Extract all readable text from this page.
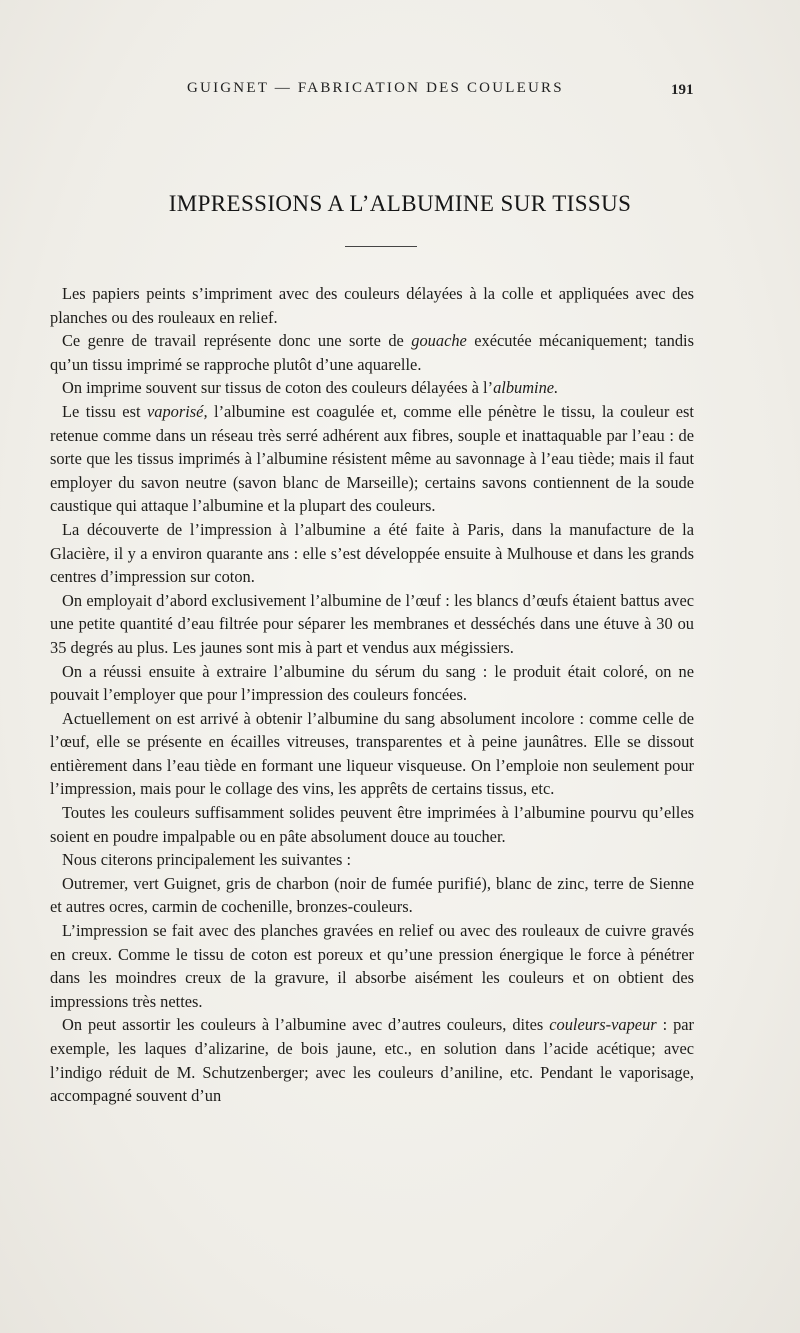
GUIGNET — FABRICATION DES COULEURS	191
IMPRESSIONS A L’ALBUMINE SUR TISSUS

Les papiers peints s’impriment avec des couleurs délayées à la colle et appliquées avec des planches ou des rouleaux en relief.

Ce genre de travail représente donc une sorte de gouache exécutée mécaniquement; tandis qu’un tissu imprimé se rapproche plutôt d’une aquarelle.

On imprime souvent sur tissus de coton des couleurs délayées à l’albumine.

Le tissu est vaporisé, l’albumine est coagulée et, comme elle pénètre le tissu, la couleur est retenue comme dans un réseau très serré adhérent aux fibres, souple et inattaquable par l’eau : de sorte que les tissus imprimés à l’albumine résistent même au savonnage à l’eau tiède; mais il faut employer du savon neutre (savon blanc de Marseille); certains savons contiennent de la soude caustique qui attaque l’albumine et la plupart des couleurs.

La découverte de l’impression à l’albumine a été faite à Paris, dans la manufacture de la Glacière, il y a environ quarante ans : elle s’est développée ensuite à Mulhouse et dans les grands centres d’impression sur coton.

On employait d’abord exclusivement l’albumine de l’œuf : les blancs d’œufs étaient battus avec une petite quantité d’eau filtrée pour séparer les membranes et desséchés dans une étuve à 30 ou 35 degrés au plus. Les jaunes sont mis à part et vendus aux mégissiers.

On a réussi ensuite à extraire l’albumine du sérum du sang : le produit était coloré, on ne pouvait l’employer que pour l’impression des couleurs foncées.

Actuellement on est arrivé à obtenir l’albumine du sang absolument incolore : comme celle de l’œuf, elle se présente en écailles vitreuses, transparentes et à peine jaunâtres. Elle se dissout entièrement dans l’eau tiède en formant une liqueur visqueuse. On l’emploie non seulement pour l’impression, mais pour le collage des vins, les apprêts de certains tissus, etc.

Toutes les couleurs suffisamment solides peuvent être imprimées à l’albumine pourvu qu’elles soient en poudre impalpable ou en pâte absolument douce au toucher.

Nous citerons principalement les suivantes :

Outremer, vert Guignet, gris de charbon (noir de fumée purifié), blanc de zinc, terre de Sienne et autres ocres, carmin de cochenille, bronzes-couleurs.

L’impression se fait avec des planches gravées en relief ou avec des rouleaux de cuivre gravés en creux. Comme le tissu de coton est poreux et qu’une pression énergique le force à pénétrer dans les moindres creux de la gravure, il absorbe aisément les couleurs et on obtient des impressions très nettes.

On peut assortir les couleurs à l’albumine avec d’autres couleurs, dites couleurs-vapeur : par exemple, les laques d’alizarine, de bois jaune, etc., en solution dans l’acide acétique; avec l’indigo réduit de M. Schutzenberger; avec les couleurs d’aniline, etc. Pendant le vaporisage, accompagné souvent d’un
